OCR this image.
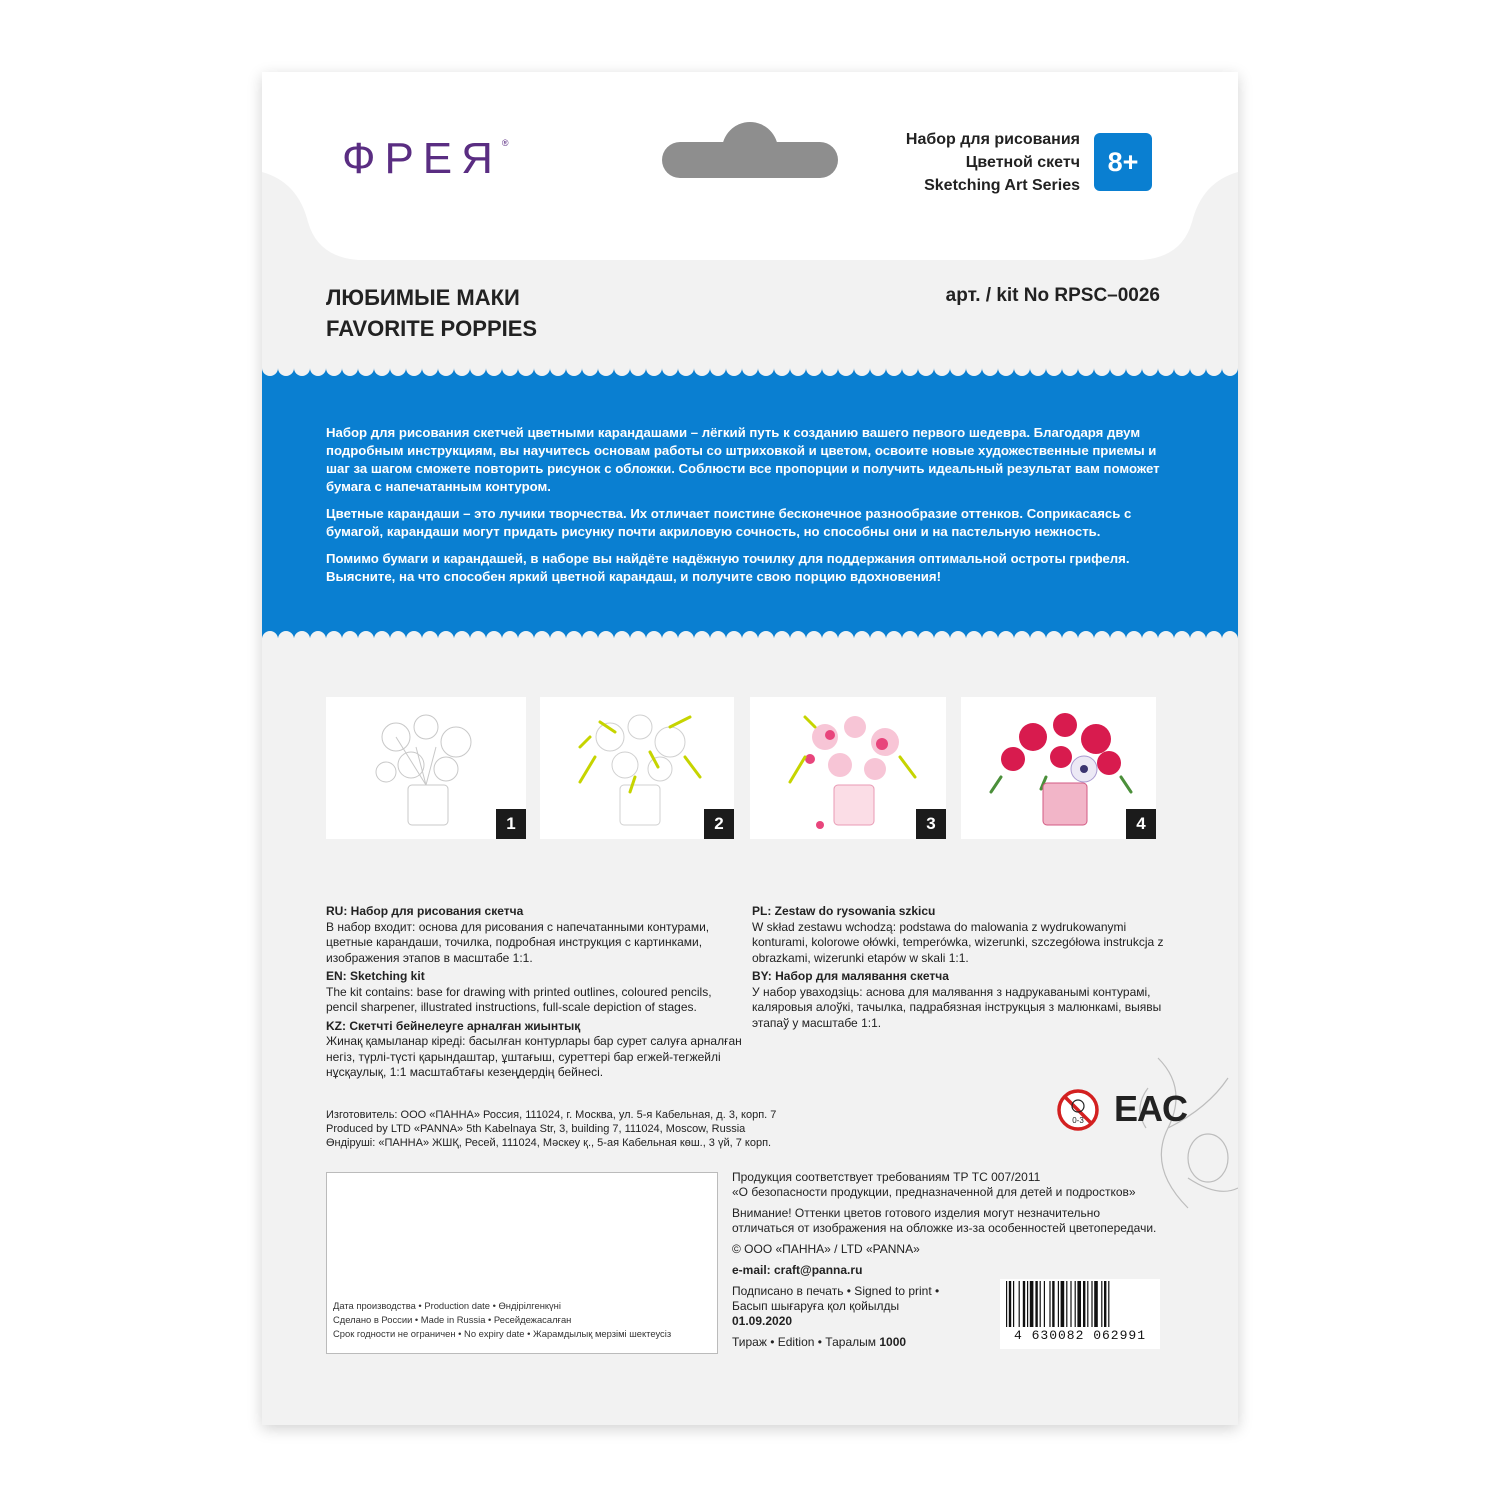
ФРЕЯ®	Набор для рисования
Цветной скетч
Sketching Art Series
8+
ЛЮБИМЫЕ МАКИ
FAVORITE POPPIES
арт. / kit No RPSC–0026

Набор для рисования скетчей цветными карандашами – лёгкий путь к созданию вашего первого шедевра. Благодаря двум подробным инструкциям, вы научитесь основам работы со штриховкой и цветом, освоите новые художественные приемы и шаг за шагом сможете повторить рисунок с обложки. Соблюсти все пропорции и получить идеальный результат вам поможет бумага с напечатанным контуром.

Цветные карандаши – это лучики творчества. Их отличает поистине бесконечное разнообразие оттенков. Соприкасаясь с бумагой, карандаши могут придать рисунку почти акриловую сочность, но способны они и на пастельную нежность.

Помимо бумаги и карандашей, в наборе вы найдёте надёжную точилку для поддержания оптимальной остроты грифеля. Выясните, на что способен яркий цветной карандаш, и получите свою порцию вдохновения!

1	2	3	4
RU: Набор для рисования скетча
В набор входит: основа для рисования с напечатанными контурами, цветные карандаши, точилка, подробная инструкция с картинками, изображения этапов в масштабе 1:1.
EN: Sketching kit
The kit contains: base for drawing with printed outlines, coloured pencils, pencil sharpener, illustrated instructions, full-scale depiction of stages.
KZ: Скетчті бейнелеуге арналған жиынтық
Жинақ қамыланар кіреді: басылған контурлары бар сурет салуға арналған негіз, түрлі-түсті қарындаштар, ұштағыш, суреттері бар егжей-тегжейлі нұсқаулық, 1:1 масштабтағы кезеңдердің бейнесі.
PL: Zestaw do rysowania szkicu
W skład zestawu wchodzą: podstawa do malowania z wydrukowanymi konturami, kolorowe ołówki, temperówka, wizerunki, szczegółowa instrukcja z obrazkami, wizerunki etapów w skali 1:1.
BY: Набор для малявання скетча
У набор уваходзіць: аснова для малявання з надрукаванымі контурамі, каляровыя алоўкі, тачылка, падрабязная інструкцыя з малюнкамі, выявы этапаў у масштабе 1:1.
0-3 EAC
Изготовитель: ООО «ПАННА» Россия, 111024, г. Москва, ул. 5-я Кабельная, д. 3, корп. 7
Produced by LTD «PANNA» 5th Kabelnaya Str, 3, building 7, 111024, Moscow, Russia
Өндіруші: «ПАННА» ЖШҚ, Ресей, 111024, Мәскеу қ., 5-ая Кабельная көш., 3 үй, 7 корп.
Дата производства • Production date • Өндірілгенкүні
Сделано в России • Made in Russia • Ресейдежасалған
Срок годности не ограничен • No expiry date • Жарамдылық мерзімі шектеусіз
Продукция соответствует требованиям ТР ТС 007/2011
«О безопасности продукции, предназначенной для детей и подростков»
Внимание! Оттенки цветов готового изделия могут незначительно
отличаться от изображения на обложке из-за особенностей цветопередачи.
© ООО «ПАННА» / LTD «PANNA»
e-mail: craft@panna.ru
Подписано в печать • Signed to print •
Басып шығаруға қол қойылды
01.09.2020
Тираж • Edition • Таралым 1000	4 630082 062991
